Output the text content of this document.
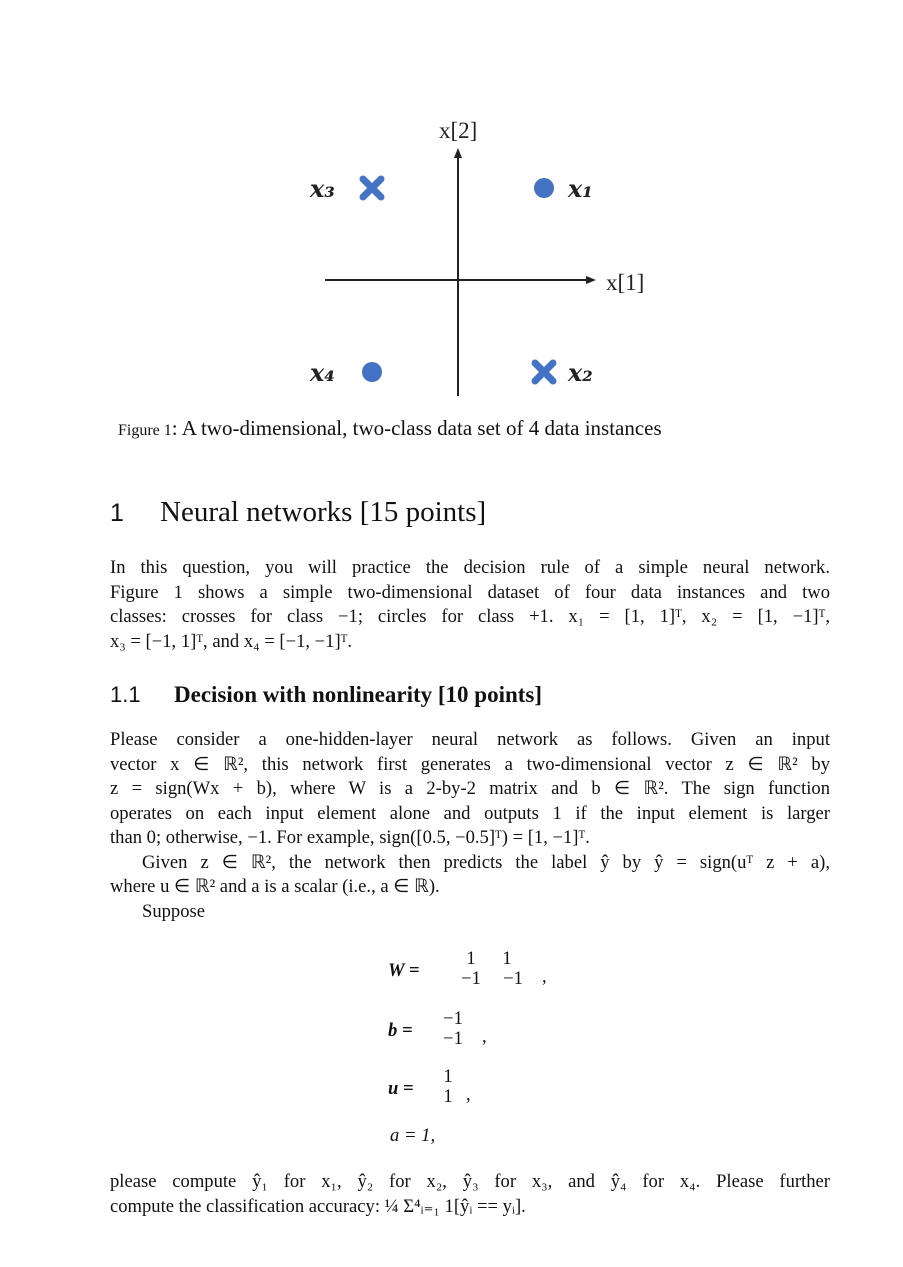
x[1]
x[2]
x₁
x₂
x₃
x₄
Figure 1: A two-dimensional, two-class data set of 4 data instances
1 Neural networks [15 points]
In this question, you will practice the decision rule of a simple neural network.
Figure 1 shows a simple two-dimensional dataset of four data instances and two
classes: crosses for class −1; circles for class +1. x₁ = [1, 1]ᵀ, x₂ = [1, −1]ᵀ,
x₃ = [−1, 1]ᵀ, and x₄ = [−1, −1]ᵀ.
1.1 Decision with nonlinearity [10 points]
Please consider a one-hidden-layer neural network as follows. Given an input
vector x ∈ ℝ², this network first generates a two-dimensional vector z ∈ ℝ² by
z = sign(Wx + b), where W is a 2-by-2 matrix and b ∈ ℝ². The sign function
operates on each input element alone and outputs 1 if the input element is larger
than 0; otherwise, −1. For example, sign([0.5, −0.5]ᵀ) = [1, −1]ᵀ.
Given z ∈ ℝ², the network then predicts the label ŷ by ŷ = sign(uᵀ z + a),
where u ∈ ℝ² and a is a scalar (i.e., a ∈ ℝ).
Suppose
W =
1	1
−1	−1	,
b =
−1
−1 ,
u =
1
1 ,
a = 1,
please compute ŷ₁ for x₁, ŷ₂ for x₂, ŷ₃ for x₃, and ŷ₄ for x₄. Please further
compute the classification accuracy: ¼ Σ⁴ᵢ₌₁ 1[ŷᵢ == yᵢ].
